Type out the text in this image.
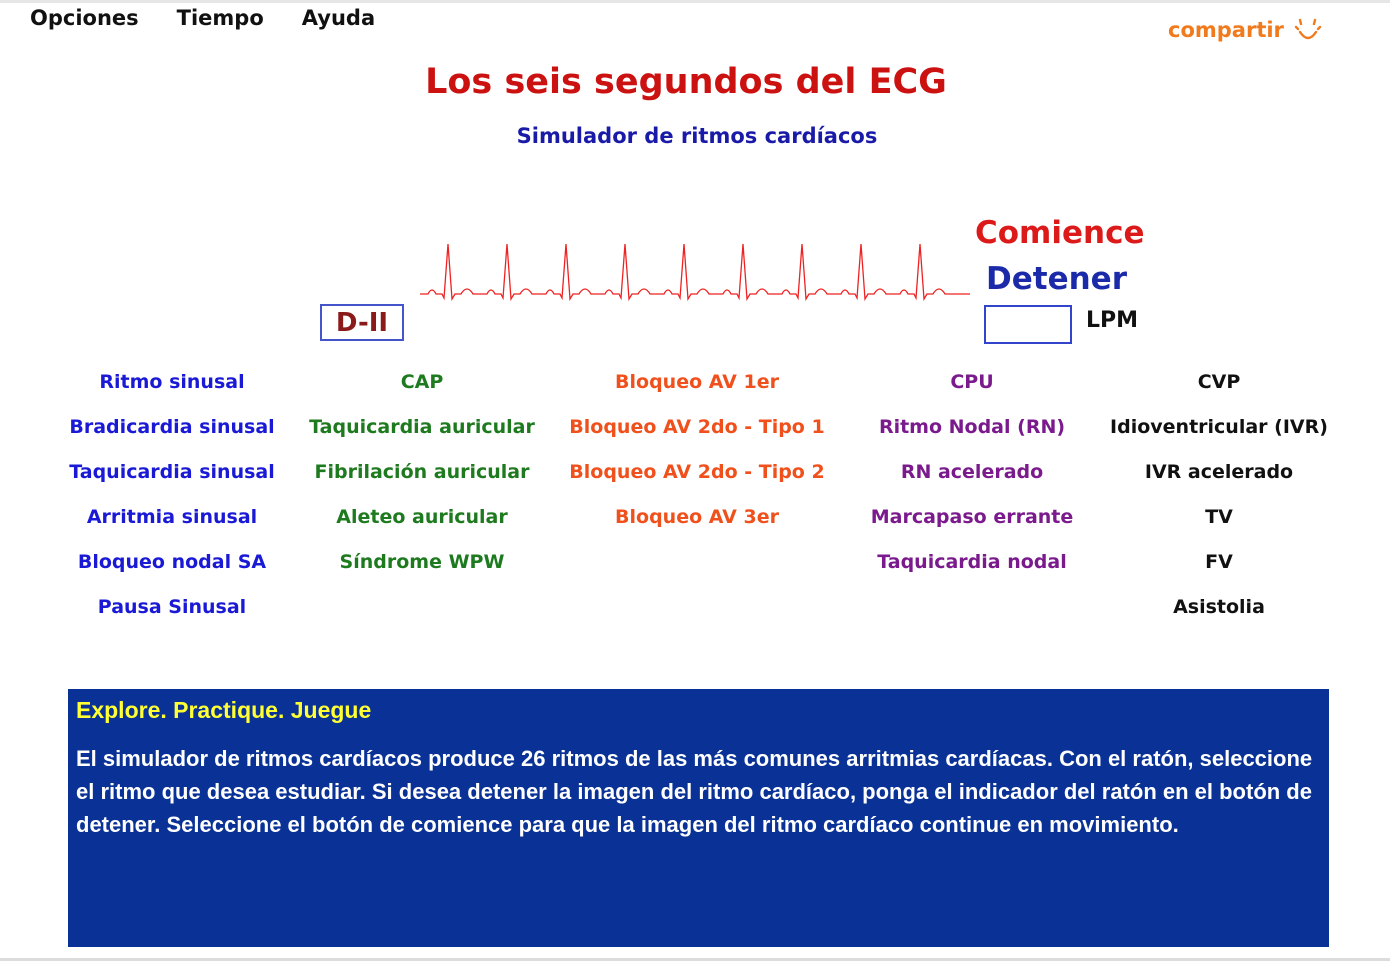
Opciones Tiempo Ayuda	compartir
Los seis segundos del ECG
Simulador de ritmos cardíacos
D-II
Comience
Detener
LPM
Ritmo sinusal
Bradicardia sinusal
Taquicardia sinusal
Arritmia sinusal
Bloqueo nodal SA
Pausa Sinusal
CAP
Taquicardia auricular
Fibrilación auricular
Aleteo auricular
Síndrome WPW
Bloqueo AV 1er
Bloqueo AV 2do - Tipo 1
Bloqueo AV 2do - Tipo 2
Bloqueo AV 3er
CPU
Ritmo Nodal (RN)
RN acelerado
Marcapaso errante
Taquicardia nodal
CVP
Idioventricular (IVR)
IVR acelerado
TV
FV
Asistolia

Explore. Practique. Juegue

El simulador de ritmos cardíacos produce 26 ritmos de las más comunes arritmias cardíacas. Con el ratón, seleccione el ritmo que desea estudiar. Si desea detener la imagen del ritmo cardíaco, ponga el indicador del ratón en el botón de detener. Seleccione el botón de comience para que la imagen del ritmo cardíaco continue en movimiento.
